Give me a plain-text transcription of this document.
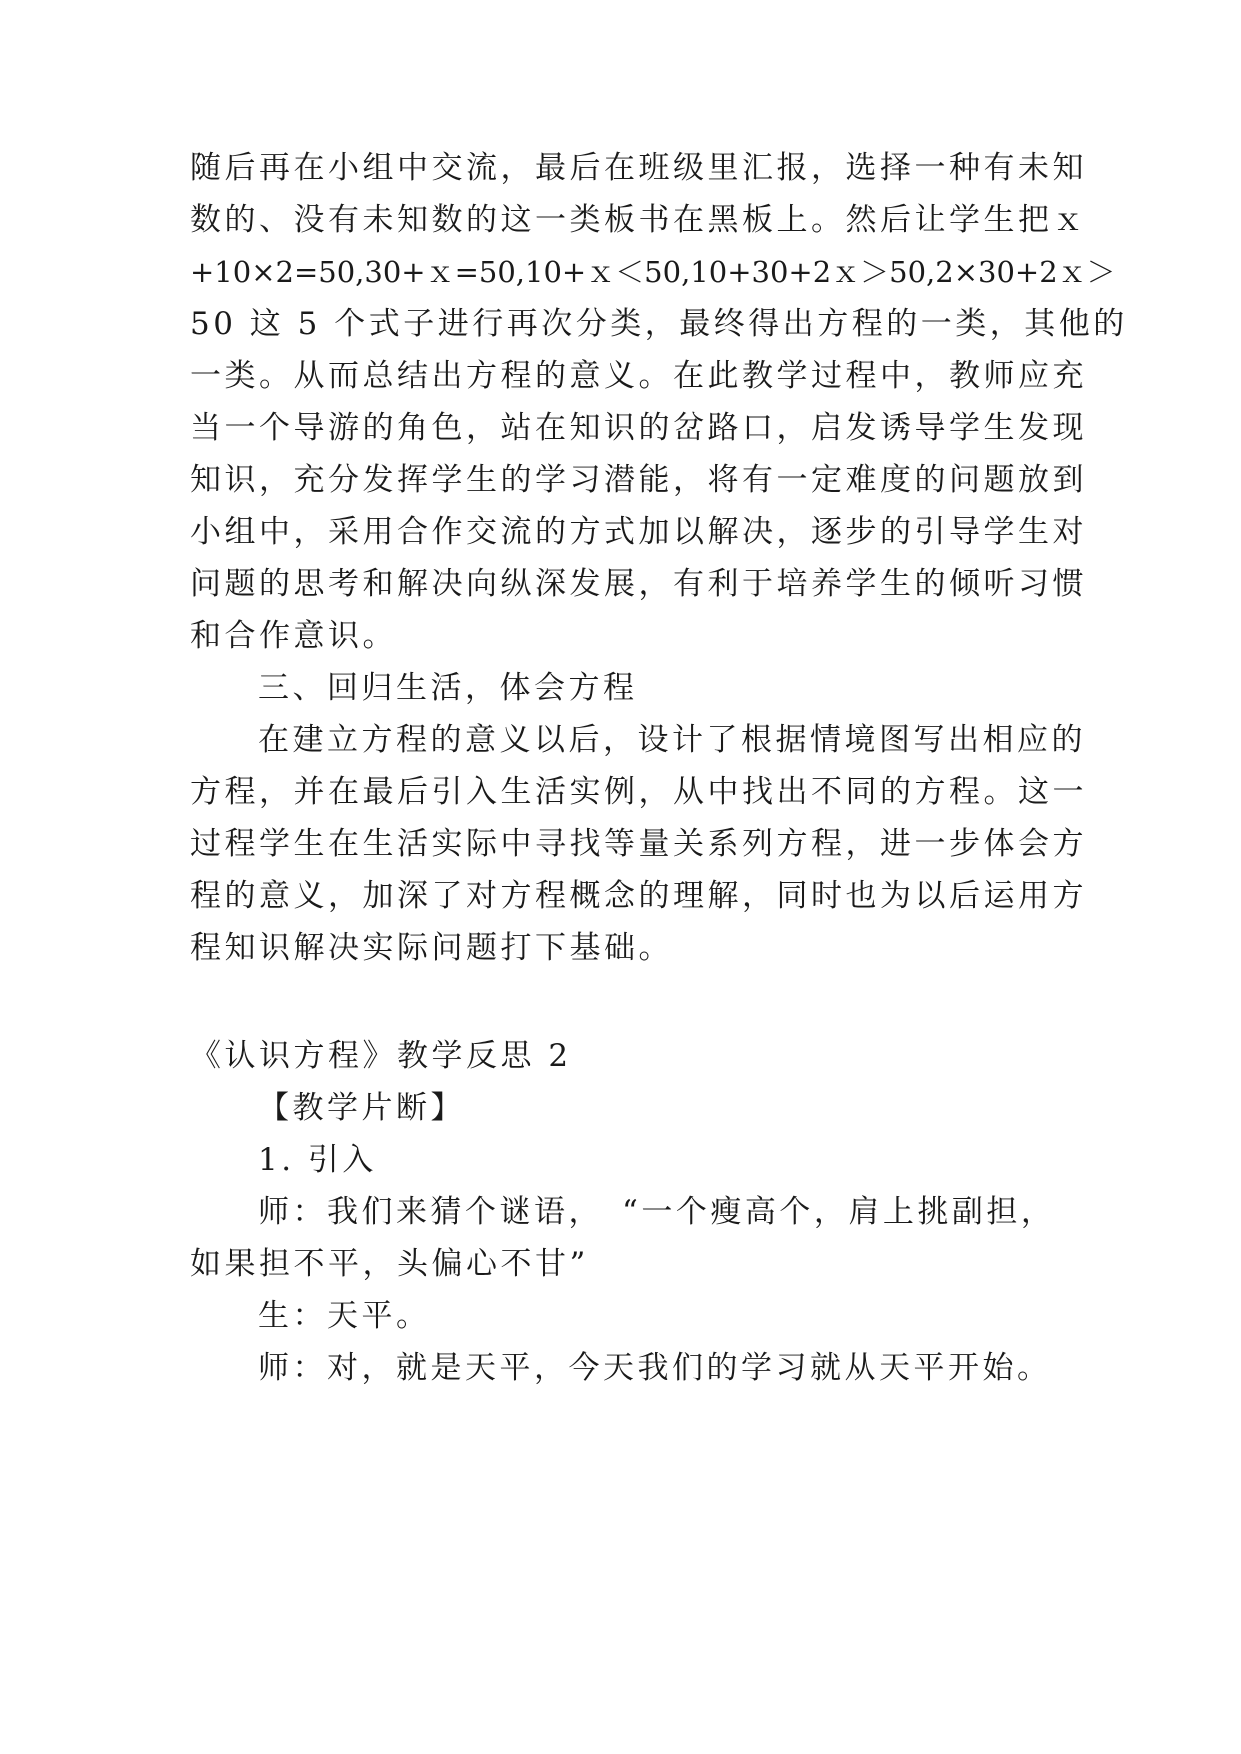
随后再在小组中交流，最后在班级里汇报，选择一种有未知

数的、没有未知数的这一类板书在黑板上。然后让学生把ｘ

+10×2=50,30+ｘ=50,10+ｘ＜50,10+30+2ｘ＞50,2×30+2ｘ＞

50 这 5 个式子进行再次分类，最终得出方程的一类，其他的

一类。从而总结出方程的意义。在此教学过程中，教师应充

当一个导游的角色，站在知识的岔路口，启发诱导学生发现

知识，充分发挥学生的学习潜能，将有一定难度的问题放到

小组中，采用合作交流的方式加以解决，逐步的引导学生对

问题的思考和解决向纵深发展，有利于培养学生的倾听习惯

和合作意识。

三、回归生活，体会方程

在建立方程的意义以后，设计了根据情境图写出相应的

方程，并在最后引入生活实例，从中找出不同的方程。这一

过程学生在生活实际中寻找等量关系列方程，进一步体会方

程的意义，加深了对方程概念的理解，同时也为以后运用方

程知识解决实际问题打下基础。

《认识方程》教学反思 2

【教学片断】

1. 引入

师：我们来猜个谜语，　“一个瘦高个，肩上挑副担，

如果担不平，头偏心不甘”

生：天平。

师：对，就是天平，今天我们的学习就从天平开始。
